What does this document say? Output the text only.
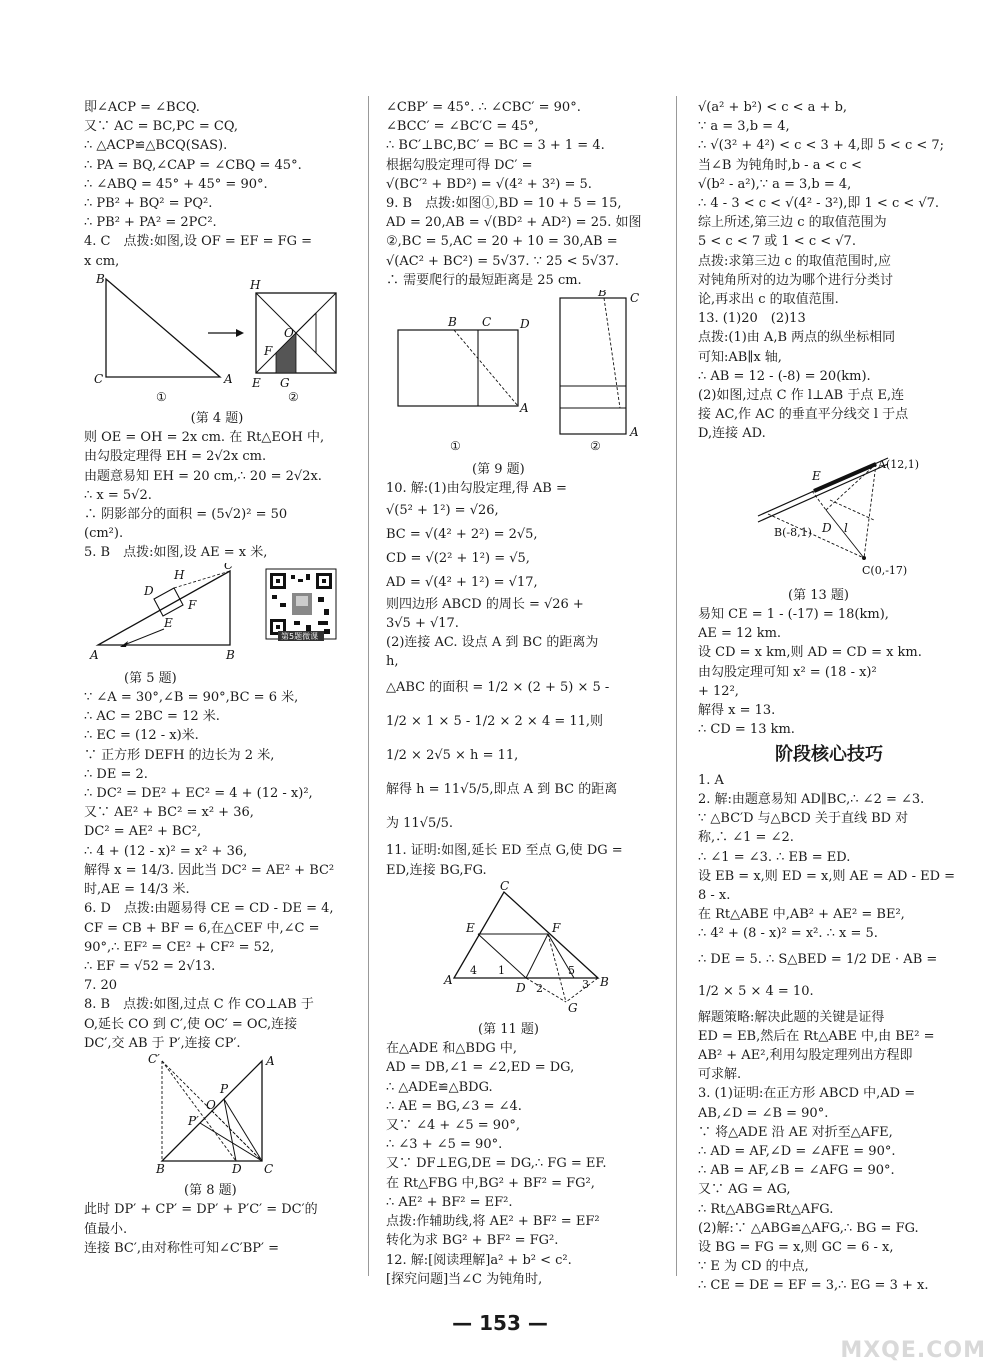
即∠ACP = ∠BCQ.
又∵ AC = BC,PC = CQ,
∴ △ACP≌△BCQ(SAS).
∴ PA = BQ,∠CAP = ∠CBQ = 45°.
∴ ∠ABQ = 45° + 45° = 90°.
∴ PB² + BQ² = PQ².
∴ PB² + PA² = 2PC².
4. C　点拨:如图,设 OF = EF = FG =
x cm,
B
C	A
H
O
F
E G
①	②
(第 4 题)
则 OE = OH = 2x cm. 在 Rt△EOH 中,
由勾股定理得 EH = 2√2x cm.
由题意易知 EH = 20 cm,∴ 20 = 2√2x.
∴ x = 5√2.
∴ 阴影部分的面积 = (5√2)² = 50
(cm²).
5. B　点拨:如图,设 AE = x 米,
H
C
D
F
E
A	B
第5题微课
(第 5 题)
∵ ∠A = 30°,∠B = 90°,BC = 6 米,
∴ AC = 2BC = 12 米.
∴ EC = (12 - x)米.
∵ 正方形 DEFH 的边长为 2 米,
∴ DE = 2.
∴ DC² = DE² + EC² = 4 + (12 - x)²,
又∵ AE² + BC² = x² + 36,
DC² = AE² + BC²,
∴ 4 + (12 - x)² = x² + 36,
解得 x = 14/3. 因此当 DC² = AE² + BC²
时,AE = 14/3 米.
6. D　点拨:由题易得 CE = CD - DE = 4,
CF = CB + BF = 6,在△CEF 中,∠C =
90°,∴ EF² = CE² + CF² = 52,
∴ EF = √52 = 2√13.
7. 20
8. B　点拨:如图,过点 C 作 CO⊥AB 于
O,延长 CO 到 C′,使 OC′ = OC,连接
DC′,交 AB 于 P′,连接 CP′.
C′	A
P
O
P′
B	D C
(第 8 题)
此时 DP′ + CP′ = DP′ + P′C′ = DC′的
值最小.
连接 BC′,由对称性可知∠C′BP′ =
∠CBP′ = 45°. ∴ ∠CBC′ = 90°.
∠BCC′ = ∠BC′C = 45°,
∴ BC′⊥BC,BC′ = BC = 3 + 1 = 4.
根据勾股定理可得 DC′ =
√(BC′² + BD²) = √(4² + 3²) = 5.
9. B　点拨:如图①,BD = 10 + 5 = 15,
AD = 20,AB = √(BD² + AD²) = 25. 如图
②,BC = 5,AC = 20 + 10 = 30,AB =
√(AC² + BC²) = 5√37. ∵ 25 < 5√37.
∴ 需要爬行的最短距离是 25 cm.
B C D
A
B C
A
①	②
(第 9 题)
10. 解:(1)由勾股定理,得 AB =
√(5² + 1²) = √26,
BC = √(4² + 2²) = 2√5,
CD = √(2² + 1²) = √5,
AD = √(4² + 1²) = √17,
则四边形 ABCD 的周长 = √26 +
3√5 + √17.
(2)连接 AC. 设点 A 到 BC 的距离为
h,
△ABC 的面积 = 1/2 × (2 + 5) × 5 -
1/2 × 1 × 5 - 1/2 × 2 × 4 = 11,则
1/2 × 2√5 × h = 11,
解得 h = 11√5/5,即点 A 到 BC 的距离
为 11√5/5.
11. 证明:如图,延长 ED 至点 G,使 DG =
ED,连接 BG,FG.
C
E	F
A
4 1
D 2
5
3 B
G
(第 11 题)
在△ADE 和△BDG 中,
AD = DB,∠1 = ∠2,ED = DG,
∴ △ADE≌△BDG.
∴ AE = BG,∠3 = ∠4.
又∵ ∠4 + ∠5 = 90°,
∴ ∠3 + ∠5 = 90°.
又∵ DF⊥EG,DE = DG,∴ FG = EF.
在 Rt△FBG 中,BG² + BF² = FG²,
∴ AE² + BF² = EF².
点拨:作辅助线,将 AE² + BF² = EF²
转化为求 BG² + BF² = FG².
12. 解:[阅读理解]a² + b² < c².
[探究问题]当∠C 为钝角时,
√(a² + b²) < c < a + b,
∵ a = 3,b = 4,
∴ √(3² + 4²) < c < 3 + 4,即 5 < c < 7;
当∠B 为钝角时,b - a < c <
√(b² - a²),∵ a = 3,b = 4,
∴ 4 - 3 < c < √(4² - 3²),即 1 < c < √7.
综上所述,第三边 c 的取值范围为
5 < c < 7 或 1 < c < √7.
点拨:求第三边 c 的取值范围时,应
对钝角所对的边为哪个进行分类讨
论,再求出 c 的取值范围.
13. (1)20　(2)13
点拨:(1)由 A,B 两点的纵坐标相同
可知:AB∥x 轴,
∴ AB = 12 - (-8) = 20(km).
(2)如图,过点 C 作 l⊥AB 于点 E,连
接 AC,作 AC 的垂直平分线交 l 于点
D,连接 AD.
E
A(12,1)
B(-8,1) D l
C(0,-17)
(第 13 题)
易知 CE = 1 - (-17) = 18(km),
AE = 12 km.
设 CD = x km,则 AD = CD = x km.
由勾股定理可知 x² = (18 - x)²
+ 12²,
解得 x = 13.
∴ CD = 13 km.
阶段核心技巧
1. A
2. 解:由题意易知 AD∥BC,∴ ∠2 = ∠3.
∵ △BC′D 与△BCD 关于直线 BD 对
称,∴ ∠1 = ∠2.
∴ ∠1 = ∠3. ∴ EB = ED.
设 EB = x,则 ED = x,则 AE = AD - ED =
8 - x.
在 Rt△ABE 中,AB² + AE² = BE²,
∴ 4² + (8 - x)² = x². ∴ x = 5.
∴ DE = 5. ∴ S△BED = 1/2 DE · AB =
1/2 × 5 × 4 = 10.
解题策略:解决此题的关键是证得
ED = EB,然后在 Rt△ABE 中,由 BE² =
AB² + AE²,利用勾股定理列出方程即
可求解.
3. (1)证明:在正方形 ABCD 中,AD =
AB,∠D = ∠B = 90°.
∵ 将△ADE 沿 AE 对折至△AFE,
∴ AD = AF,∠D = ∠AFE = 90°.
∴ AB = AF,∠B = ∠AFG = 90°.
又∵ AG = AG,
∴ Rt△ABG≌Rt△AFG.
(2)解:∵ △ABG≌△AFG,∴ BG = FG.
设 BG = FG = x,则 GC = 6 - x,
∵ E 为 CD 的中点,
∴ CE = DE = EF = 3,∴ EG = 3 + x.
— 153 —
MXQE.COM
